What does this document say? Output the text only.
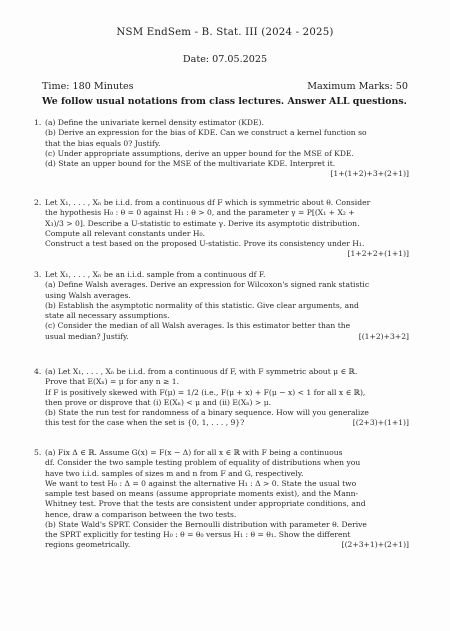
NSM EndSem - B. Stat. III (2024 - 2025)
Date: 07.05.2025
Time: 180 Minutes	Maximum Marks: 50
We follow usual notations from class lectures. Answer ALL questions.
1. (a) Define the univariate kernel density estimator (KDE).
(b) Derive an expression for the bias of KDE. Can we construct a kernel function so
that the bias equals 0? Justify.
(c) Under appropriate assumptions, derive an upper bound for the MSE of KDE.
(d) State an upper bound for the MSE of the multivariate KDE. Interpret it.
[1+(1+2)+3+(2+1)]
2. Let X₁, . . . , Xₙ be i.i.d. from a continuous df F which is symmetric about θ. Consider
the hypothesis H₀ : θ = 0 against H₁ : θ > 0, and the parameter γ = P[(X₁ + X₂ +
X₃)/3 > 0]. Describe a U-statistic to estimate γ. Derive its asymptotic distribution.
Compute all relevant constants under H₀.
Construct a test based on the proposed U-statistic. Prove its consistency under H₁.
[1+2+2+(1+1)]
3. Let X₁, . . . , Xₙ be an i.i.d. sample from a continuous df F.
(a) Define Walsh averages. Derive an expression for Wilcoxon's signed rank statistic
using Walsh averages.
(b) Establish the asymptotic normality of this statistic. Give clear arguments, and
state all necessary assumptions.
(c) Consider the median of all Walsh averages. Is this estimator better than the
usual median? Justify.	[(1+2)+3+2]
4. (a) Let X₁, . . . , Xₙ be i.i.d. from a continuous df F, with F symmetric about μ ∈ ℝ.
Prove that E(Xₙ) = μ for any n ≥ 1.
If F is positively skewed with F(μ) = 1/2 (i.e., F(μ + x) + F(μ − x) < 1 for all x ∈ ℝ),
then prove or disprove that (i) E(Xₙ) < μ and (ii) E(Xₙ) > μ.
(b) State the run test for randomness of a binary sequence. How will you generalize
this test for the case when the set is {0, 1, . . . , 9}?	[(2+3)+(1+1)]
5. (a) Fix Δ ∈ ℝ. Assume G(x) = F(x − Δ) for all x ∈ ℝ with F being a continuous
df. Consider the two sample testing problem of equality of distributions when you
have two i.i.d. samples of sizes m and n from F and G, respectively.
We want to test H₀ : Δ = 0 against the alternative H₁ : Δ > 0. State the usual two
sample test based on means (assume appropriate moments exist), and the Mann-
Whitney test. Prove that the tests are consistent under appropriate conditions, and
hence, draw a comparison between the two tests.
(b) State Wald's SPRT. Consider the Bernoulli distribution with parameter θ. Derive
the SPRT explicitly for testing H₀ : θ = θ₀ versus H₁ : θ = θ₁. Show the different
regions geometrically.	[(2+3+1)+(2+1)]
